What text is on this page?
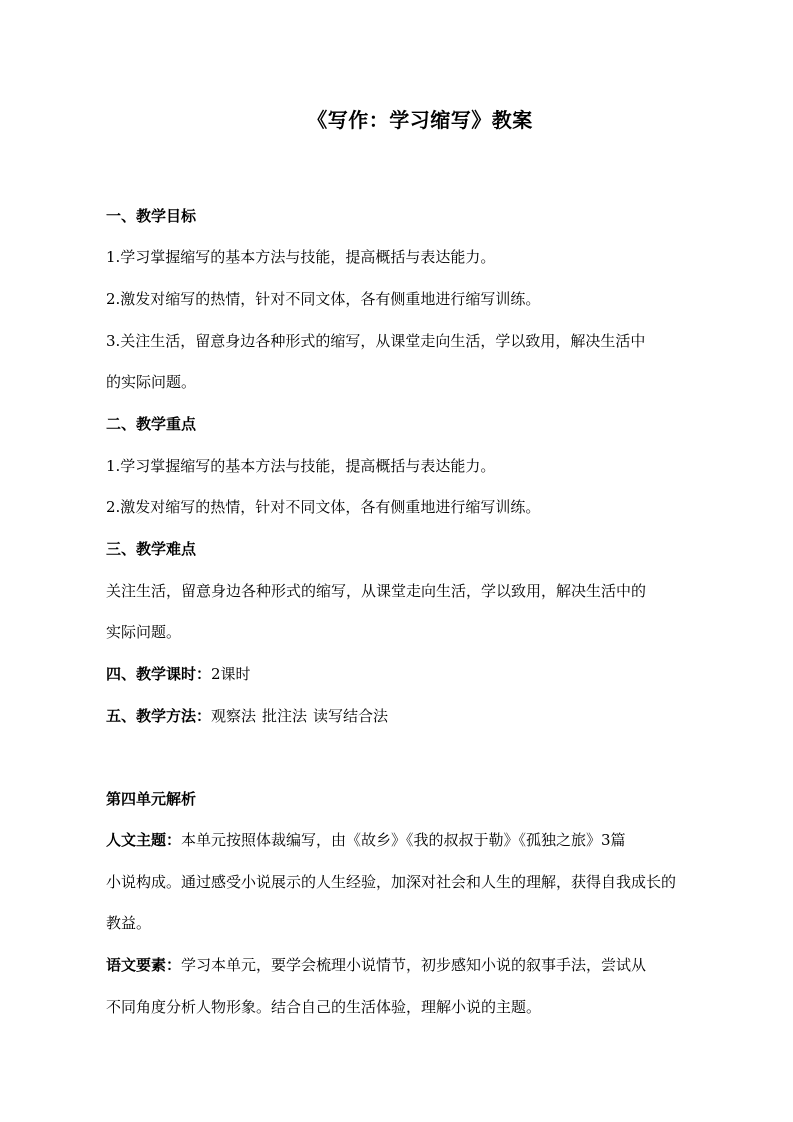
《写作：学习缩写》教案
一、教学目标
1.学习掌握缩写的基本方法与技能，提高概括与表达能力。
2.激发对缩写的热情，针对不同文体，各有侧重地进行缩写训练。
3.关注生活，留意身边各种形式的缩写，从课堂走向生活，学以致用，解决生活中
的实际问题。
二、教学重点
1.学习掌握缩写的基本方法与技能，提高概括与表达能力。
2.激发对缩写的热情，针对不同文体，各有侧重地进行缩写训练。
三、教学难点
关注生活，留意身边各种形式的缩写，从课堂走向生活，学以致用，解决生活中的
实际问题。
四、教学课时：2课时
五、教学方法：观察法 批注法 读写结合法
第四单元解析
人文主题：本单元按照体裁编写，由《故乡》《我的叔叔于勒》《孤独之旅》3篇
小说构成。通过感受小说展示的人生经验，加深对社会和人生的理解，获得自我成长的
教益。
语文要素：学习本单元，要学会梳理小说情节，初步感知小说的叙事手法，尝试从
不同角度分析人物形象。结合自己的生活体验，理解小说的主题。
